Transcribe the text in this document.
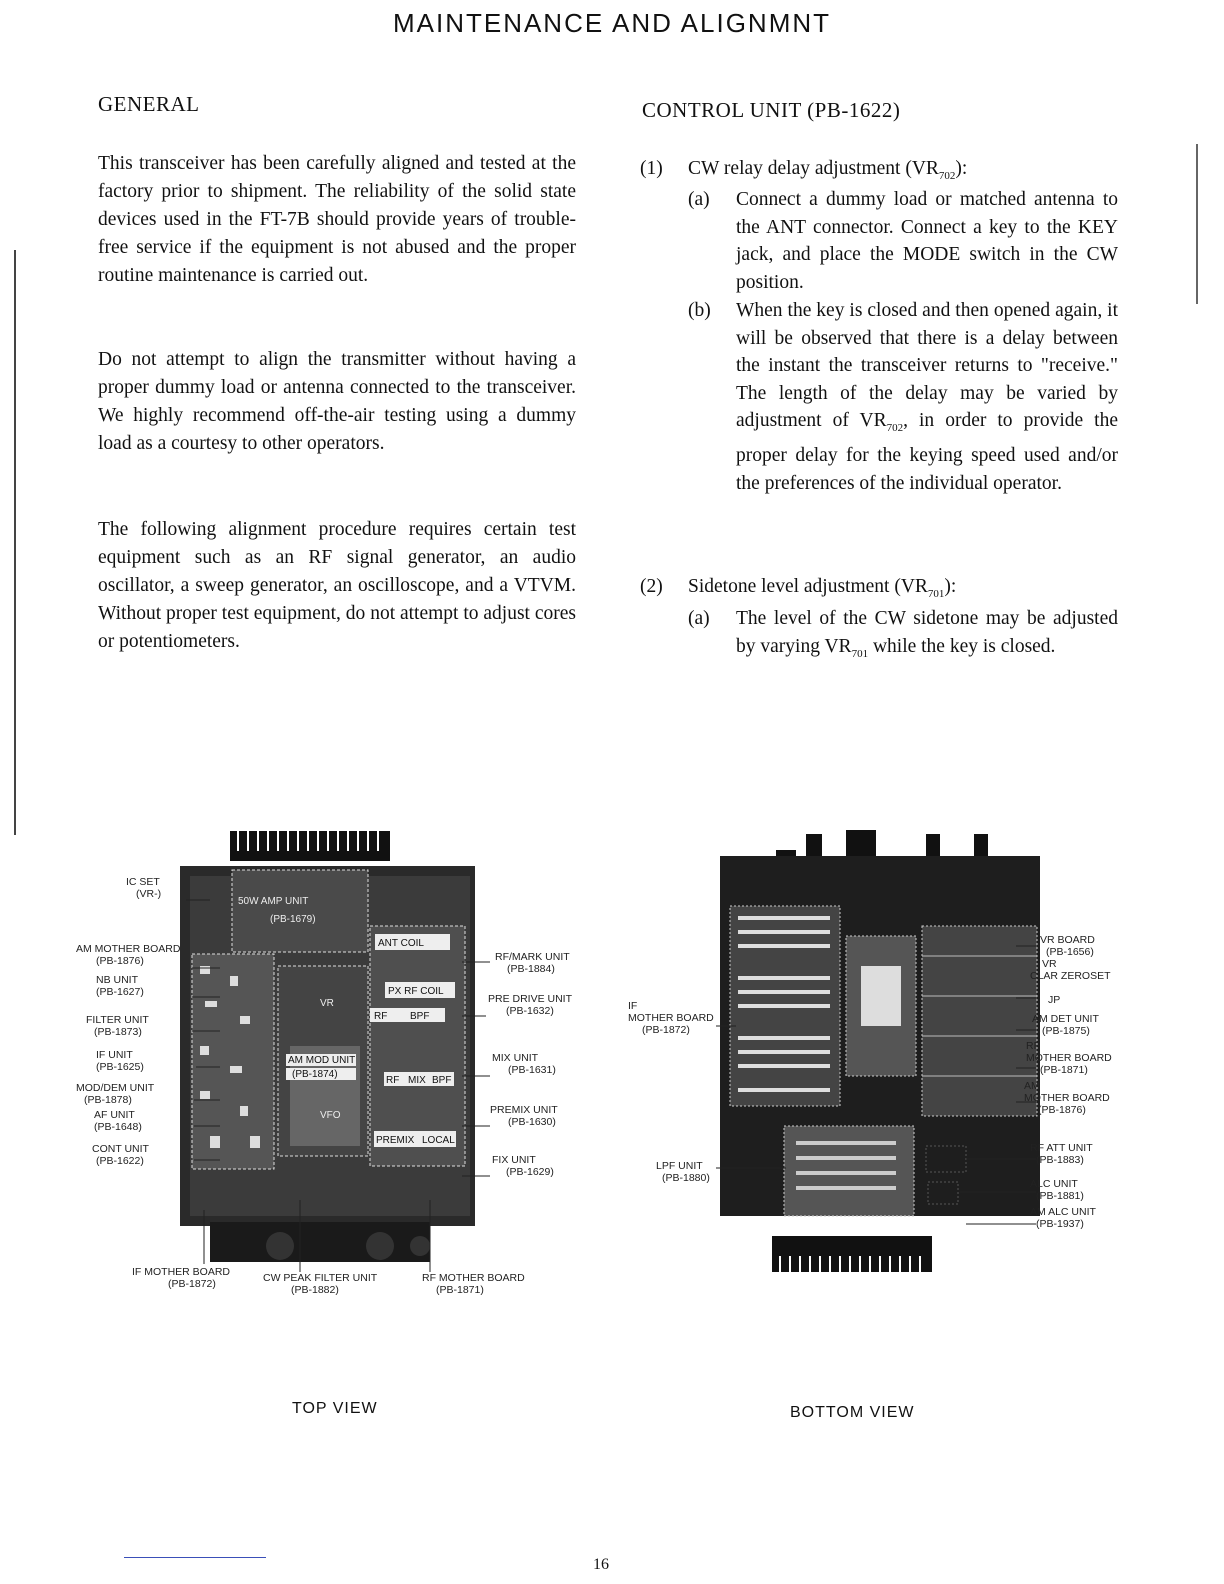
MAINTENANCE AND ALIGNMNT
GENERAL

This transceiver has been carefully aligned and tested at the factory prior to shipment. The reliability of the solid state devices used in the FT-7B should provide years of trouble-free service if the equipment is not abused and the proper routine maintenance is carried out.

Do not attempt to align the transmitter without having a proper dummy load or antenna connected to the transceiver. We highly recommend off-the-air testing using a dummy load as a courtesy to other operators.

The following alignment procedure requires certain test equipment such as an RF signal generator, an audio oscillator, a sweep generator, an oscilloscope, and a VTVM. Without proper test equipment, do not attempt to adjust cores or potentiometers.

CONTROL UNIT (PB-1622)
(1) CW relay delay adjustment $(VR_{702})$:
(a) Connect a dummy load or matched antenna to the ANT connector. Connect a key to the KEY jack, and place the MODE switch in the CW position.
(b) When the key is closed and then opened again, it will be observed that there is a delay between the instant the transceiver returns to "receive." The length of the delay may be varied by adjustment of $VR_{702}$, in order to provide the proper delay for the keying speed used and/or the preferences of the individual operator.
(2) Sidetone level adjustment $(VR_{701})$:
(a) The level of the CW sidetone may be adjusted by varying $VR_{701}$ while the key is closed.
50W AMP UNIT
(PB-1679)
ANT COIL
PX RF COIL
RF BPF
AM MOD UNIT
(PB-1874)
VR
VFO
RF MIX BPF
PREMIX LOCAL
IC SET
(VR-)
AM MOTHER BOARD
(PB-1876)
NB UNIT
(PB-1627)
FILTER UNIT
(PB-1873)
IF UNIT
(PB-1625)
MOD/DEM UNIT
(PB-1878)
AF UNIT
(PB-1648)
CONT UNIT
(PB-1622)
RF/MARK UNIT
(PB-1884)
PRE DRIVE UNIT
(PB-1632)
MIX UNIT
(PB-1631)
PREMIX UNIT
(PB-1630)
FIX UNIT
(PB-1629)
IF MOTHER BOARD
(PB-1872)	CW PEAK FILTER UNIT
(PB-1882)
RF MOTHER BOARD
(PB-1871)
TOP VIEW
IF
MOTHER BOARD
(PB-1872)
LPF UNIT
(PB-1880)
VR BOARD
(PB-1656)
VR
CLAR ZEROSET
JP
AM DET UNIT
(PB-1875)
RF
MOTHER BOARD
(PB-1871)
AM
MOTHER BOARD
(PB-1876)
RF ATT UNIT
(PB-1883)
ALC UNIT
(PB-1881)
AM ALC UNIT
(PB-1937)
BOTTOM VIEW
16
